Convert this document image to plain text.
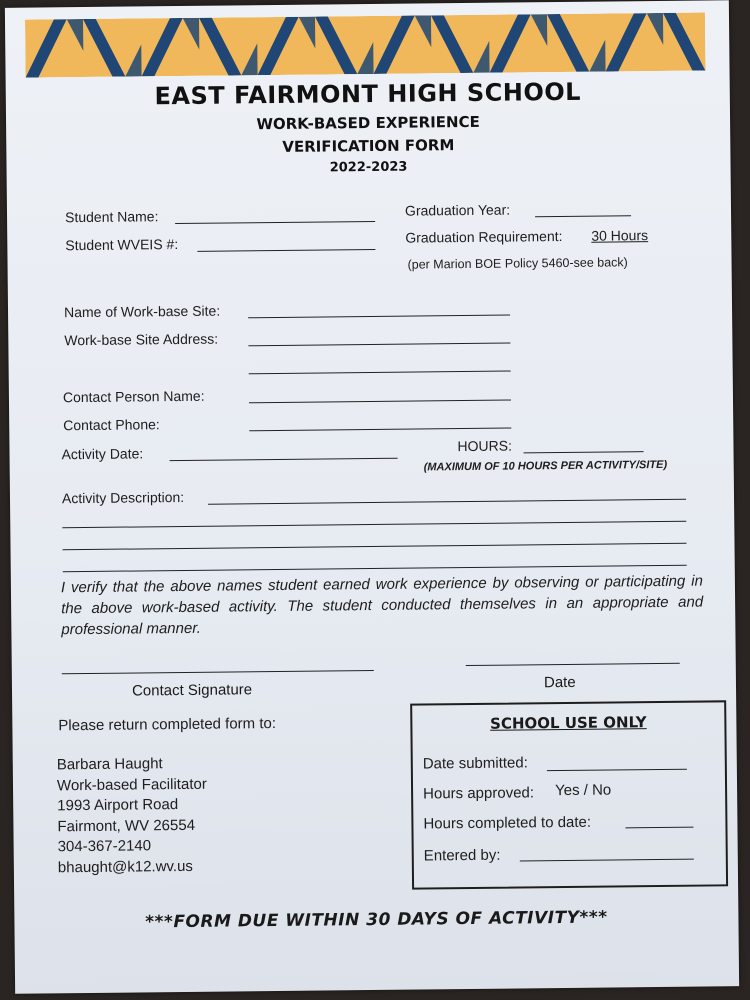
EAST FAIRMONT HIGH SCHOOL
WORK-BASED EXPERIENCE
VERIFICATION FORM
2022-2023
Student Name:
Student WVEIS #:
Graduation Year:
Graduation Requirement: 30 Hours
(per Marion BOE Policy 5460-see back)
Name of Work-base Site:
Work-base Site Address:
Contact Person Name:
Contact Phone:
Activity Date:	HOURS:
(MAXIMUM OF 10 HOURS PER ACTIVITY/SITE)
Activity Description:
I verify that the above names student earned work experience by observing or participating in the above work-based activity. The student conducted themselves in an appropriate and professional manner.
Contact Signature	Date
Please return completed form to:
Barbara Haught
Work-based Facilitator
1993 Airport Road
Fairmont, WV 26554
304-367-2140
bhaught@k12.wv.us
SCHOOL USE ONLY
Date submitted:
Hours approved: Yes / No
Hours completed to date:
Entered by:
***FORM DUE WITHIN 30 DAYS OF ACTIVITY***
